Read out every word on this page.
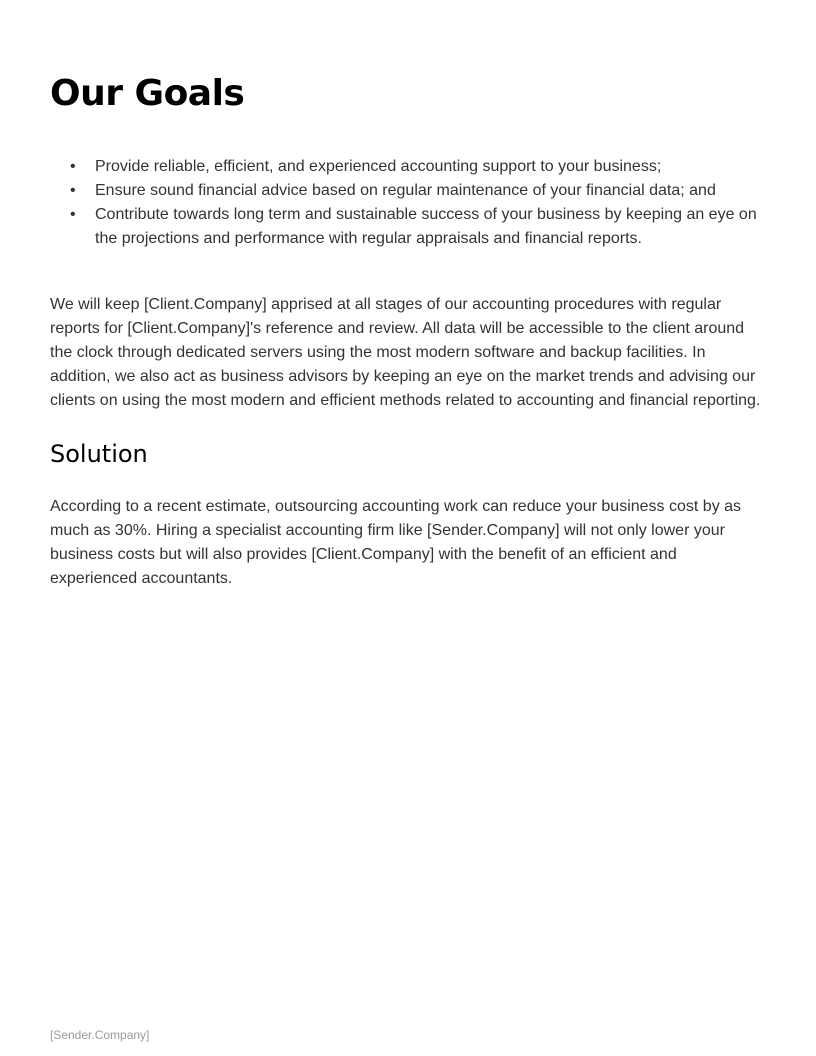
Our Goals
• Provide reliable, efficient, and experienced accounting support to your business;
• Ensure sound financial advice based on regular maintenance of your financial data; and
• Contribute towards long term and sustainable success of your business by keeping an eye on the projections and performance with regular appraisals and financial reports.

We will keep [Client.Company] apprised at all stages of our accounting procedures with regular reports for [Client.Company]'s reference and review. All data will be accessible to the client around the clock through dedicated servers using the most modern software and backup facilities. In addition, we also act as business advisors by keeping an eye on the market trends and advising our clients on using the most modern and efficient methods related to accounting and financial reporting.

Solution

According to a recent estimate, outsourcing accounting work can reduce your business cost by as much as 30%. Hiring a specialist accounting firm like [Sender.Company] will not only lower your business costs but will also provides [Client.Company] with the benefit of an efficient and experienced accountants.

[Sender.Company]
